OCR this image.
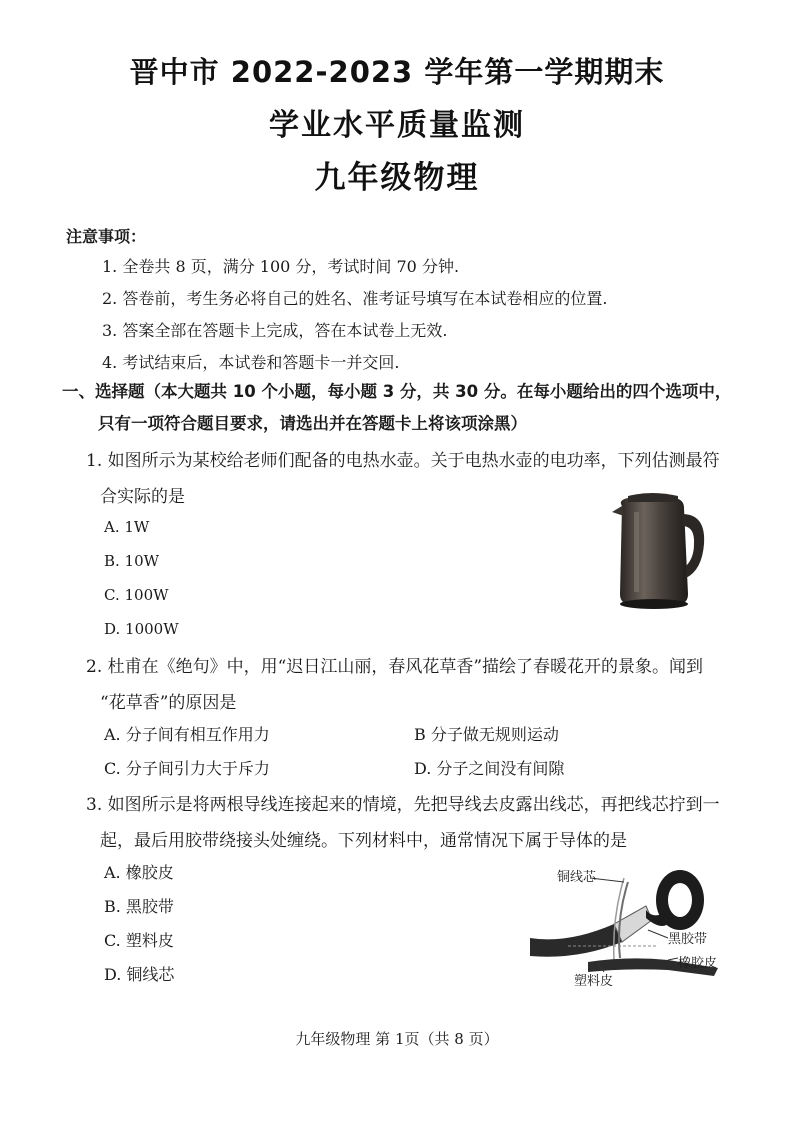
晋中市 2022-2023 学年第一学期期末
学业水平质量监测
九年级物理
注意事项：
1. 全卷共 8 页，满分 100 分，考试时间 70 分钟.
2. 答卷前，考生务必将自己的姓名、准考证号填写在本试卷相应的位置.
3. 答案全部在答题卡上完成，答在本试卷上无效.
4. 考试结束后，本试卷和答题卡一并交回.
一、选择题（本大题共 10 个小题，每小题 3 分，共 30 分。在每小题给出的四个选项中，
只有一项符合题目要求，请选出并在答题卡上将该项涂黑）
1. 如图所示为某校给老师们配备的电热水壶。关于电热水壶的电功率，下列估测最符
合实际的是
A. 1W
B. 10W
C. 100W
D. 1000W
2. 杜甫在《绝句》中，用“迟日江山丽，春风花草香”描绘了春暖花开的景象。闻到
“花草香”的原因是
A. 分子间有相互作用力	B 分子做无规则运动
C. 分子间引力大于斥力	D. 分子之间没有间隙
3. 如图所示是将两根导线连接起来的情境，先把导线去皮露出线芯，再把线芯拧到一
起，最后用胶带绕接头处缠绕。下列材料中，通常情况下属于导体的是
A. 橡胶皮
B. 黑胶带
C. 塑料皮
D. 铜线芯
铜线芯
黑胶带
橡胶皮
塑料皮
九年级物理 第 1页（共 8 页）
